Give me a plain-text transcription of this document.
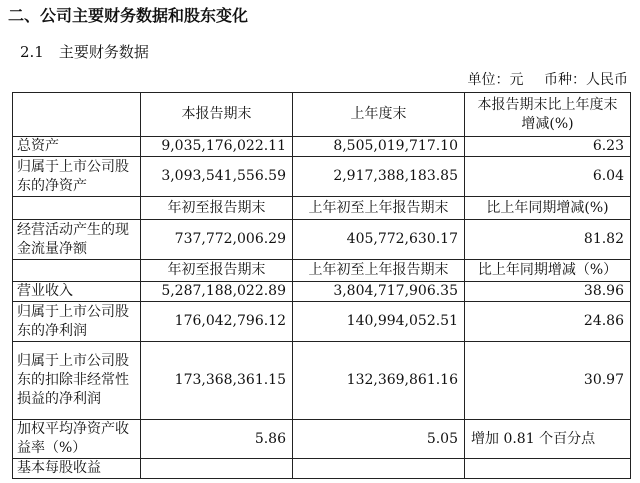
二、公司主要财务数据和股东变化
2.1　主要财务数据
单位：元 币种：人民币
	本报告期末	上年度末	本报告期末比上年度末增减(%)
总资产	9,035,176,022.11	8,505,019,717.10	6.23
归属于上市公司股东的净资产	3,093,541,556.59	2,917,388,183.85	6.04
	年初至报告期末	上年初至上年报告期末	比上年同期增减(%)
经营活动产生的现金流量净额	737,772,006.29	405,772,630.17	81.82
	年初至报告期末	上年初至上年报告期末	比上年同期增减（%）
营业收入	5,287,188,022.89	3,804,717,906.35	38.96
归属于上市公司股东的净利润	176,042,796.12	140,994,052.51	24.86
归属于上市公司股东的扣除非经常性损益的净利润	173,368,361.15	132,369,861.16	30.97
加权平均净资产收益率（%）	5.86	5.05	增加 0.81 个百分点
基本每股收益			
